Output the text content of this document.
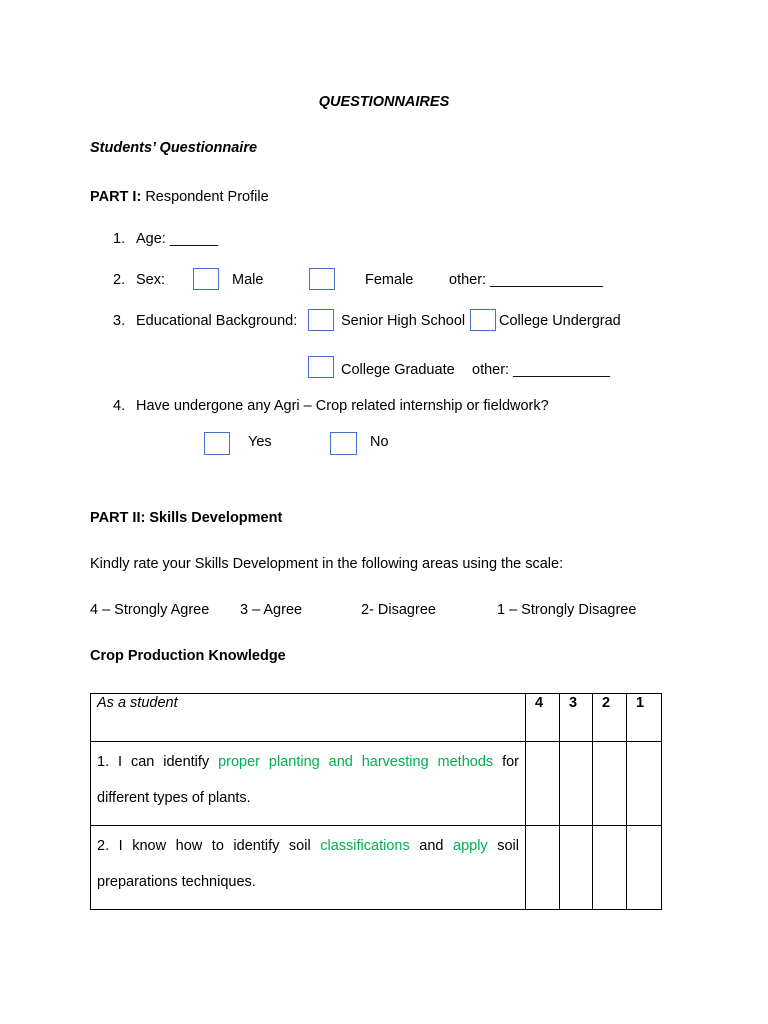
QUESTIONNAIRES
Students’ Questionnaire
PART I: Respondent Profile
1. Age: ______
2. Sex:	Male	Female other: ______________
3. Educational Background:	Senior High School College Undergrad
College Graduate other: ____________
4. Have undergone any Agri – Crop related internship or fieldwork?
Yes	No
PART II: Skills Development
Kindly rate your Skills Development in the following areas using the scale:
4 – Strongly Agree 3 – Agree	2- Disagree	1 – Strongly Disagree
Crop Production Knowledge
As a student	4	3	2	1
1. I can identify proper planting and harvesting methods for different types of plants.				
2. I know how to identify soil classifications and apply soil preparations techniques.				
